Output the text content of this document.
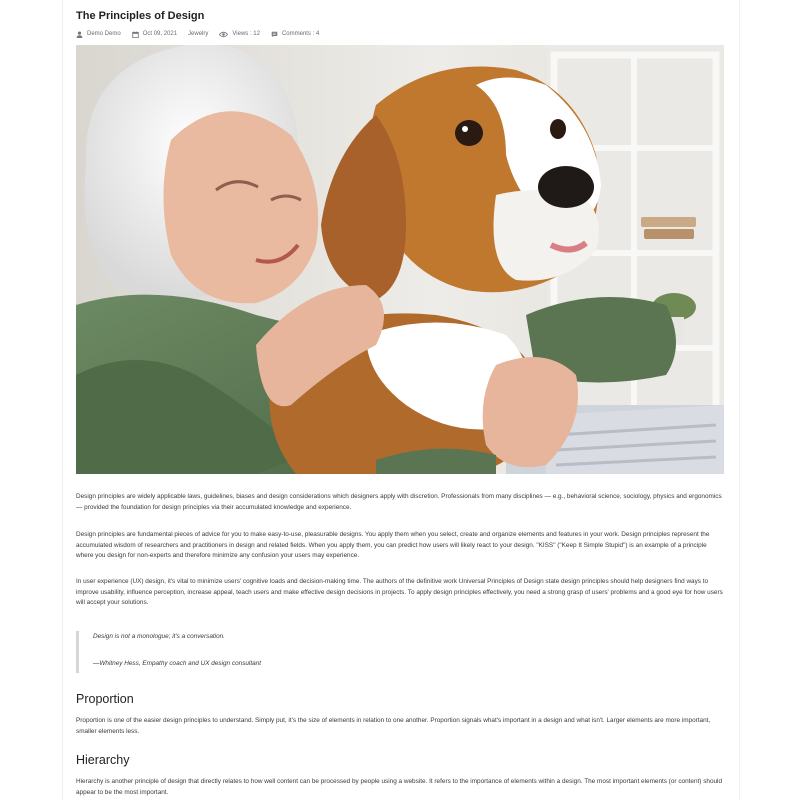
The Principles of Design
Demo Demo	Oct 09, 2021 Jewelry	Views : 12	Comments : 4

Design principles are widely applicable laws, guidelines, biases and design considerations which designers apply with discretion. Professionals from many disciplines — e.g., behavioral science, sociology, physics and ergonomics — provided the foundation for design principles via their accumulated knowledge and experience.

Design principles are fundamental pieces of advice for you to make easy-to-use, pleasurable designs. You apply them when you select, create and organize elements and features in your work. Design principles represent the accumulated wisdom of researchers and practitioners in design and related fields. When you apply them, you can predict how users will likely react to your design. "KISS" ("Keep It Simple Stupid") is an example of a principle where you design for non-experts and therefore minimize any confusion your users may experience.

In user experience (UX) design, it's vital to minimize users' cognitive loads and decision-making time. The authors of the definitive work Universal Principles of Design state design principles should help designers find ways to improve usability, influence perception, increase appeal, teach users and make effective design decisions in projects. To apply design principles effectively, you need a strong grasp of users' problems and a good eye for how users will accept your solutions.

Design is not a monologue; it's a conversation.

—Whitney Hess, Empathy coach and UX design consultant

Proportion

Proportion is one of the easier design principles to understand. Simply put, it's the size of elements in relation to one another. Proportion signals what's important in a design and what isn't. Larger elements are more important, smaller elements less.

Hierarchy

Hierarchy is another principle of design that directly relates to how well content can be processed by people using a website. It refers to the importance of elements within a design. The most important elements (or content) should appear to be the most important.
